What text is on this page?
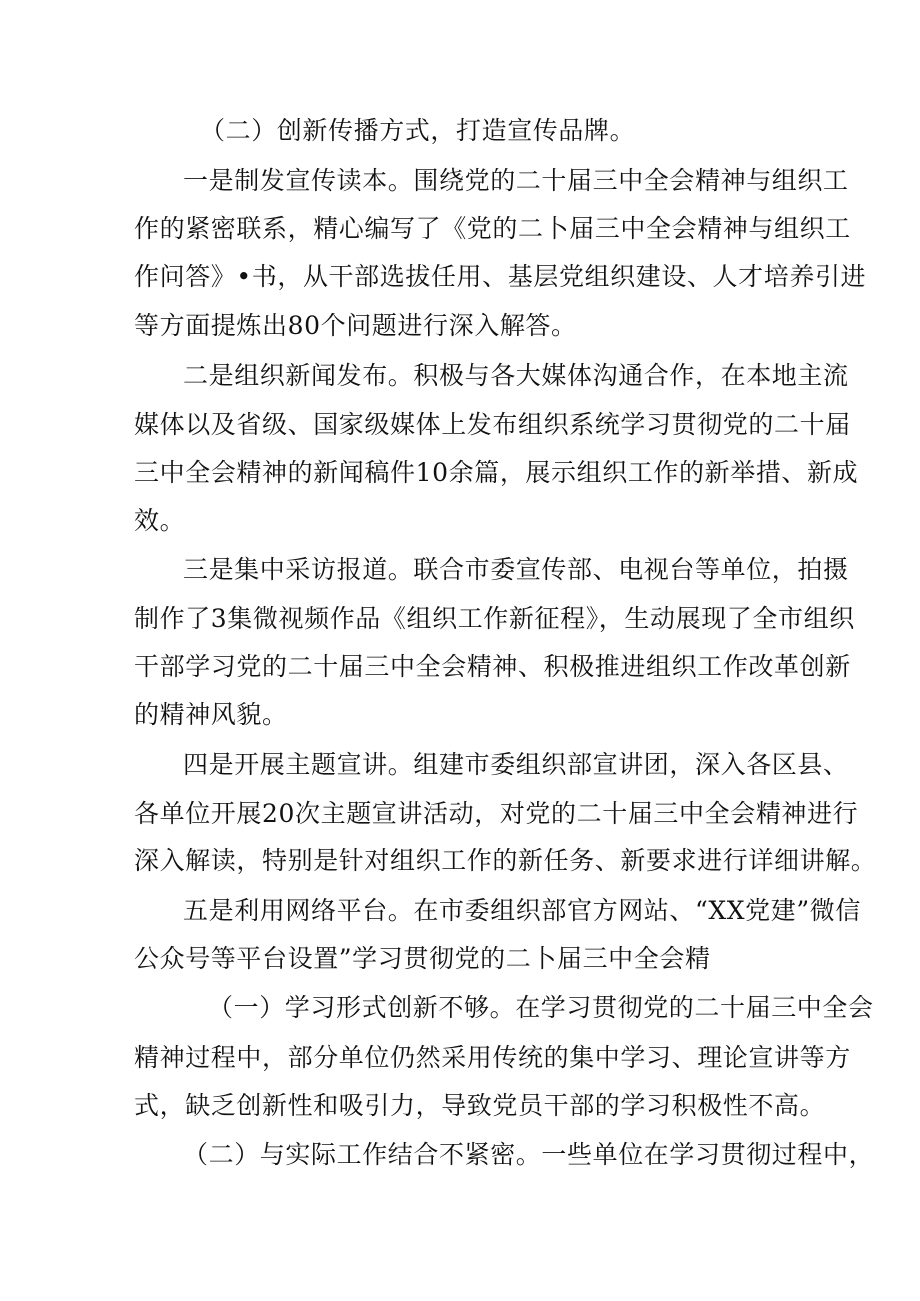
（二）创新传播方式，打造宣传品牌。
一是制发宣传读本。围绕党的二十届三中全会精神与组织工
作的紧密联系，精心编写了《党的二卜届三中全会精神与组织工
作问答》•书，从干部选拔任用、基层党组织建设、人才培养引进
等方面提炼出80个问题进行深入解答。
二是组织新闻发布。积极与各大媒体沟通合作，在本地主流
媒体以及省级、国家级媒体上发布组织系统学习贯彻党的二十届
三中全会精神的新闻稿件10余篇，展示组织工作的新举措、新成
效。
三是集中采访报道。联合市委宣传部、电视台等单位，拍摄
制作了3集微视频作品《组织工作新征程》，生动展现了全市组织
干部学习党的二十届三中全会精神、积极推进组织工作改革创新
的精神风貌。
四是开展主题宣讲。组建市委组织部宣讲团，深入各区县、
各单位开展20次主题宣讲活动，对党的二十届三中全会精神进行
深入解读，特别是针对组织工作的新任务、新要求进行详细讲解。
五是利用网络平台。在市委组织部官方网站、“XX党建”微信
公众号等平台设置”学习贯彻党的二卜届三中全会精
（一）学习形式创新不够。在学习贯彻党的二十届三中全会
精神过程中，部分单位仍然采用传统的集中学习、理论宣讲等方
式，缺乏创新性和吸引力，导致党员干部的学习积极性不高。
（二）与实际工作结合不紧密。一些单位在学习贯彻过程中，
